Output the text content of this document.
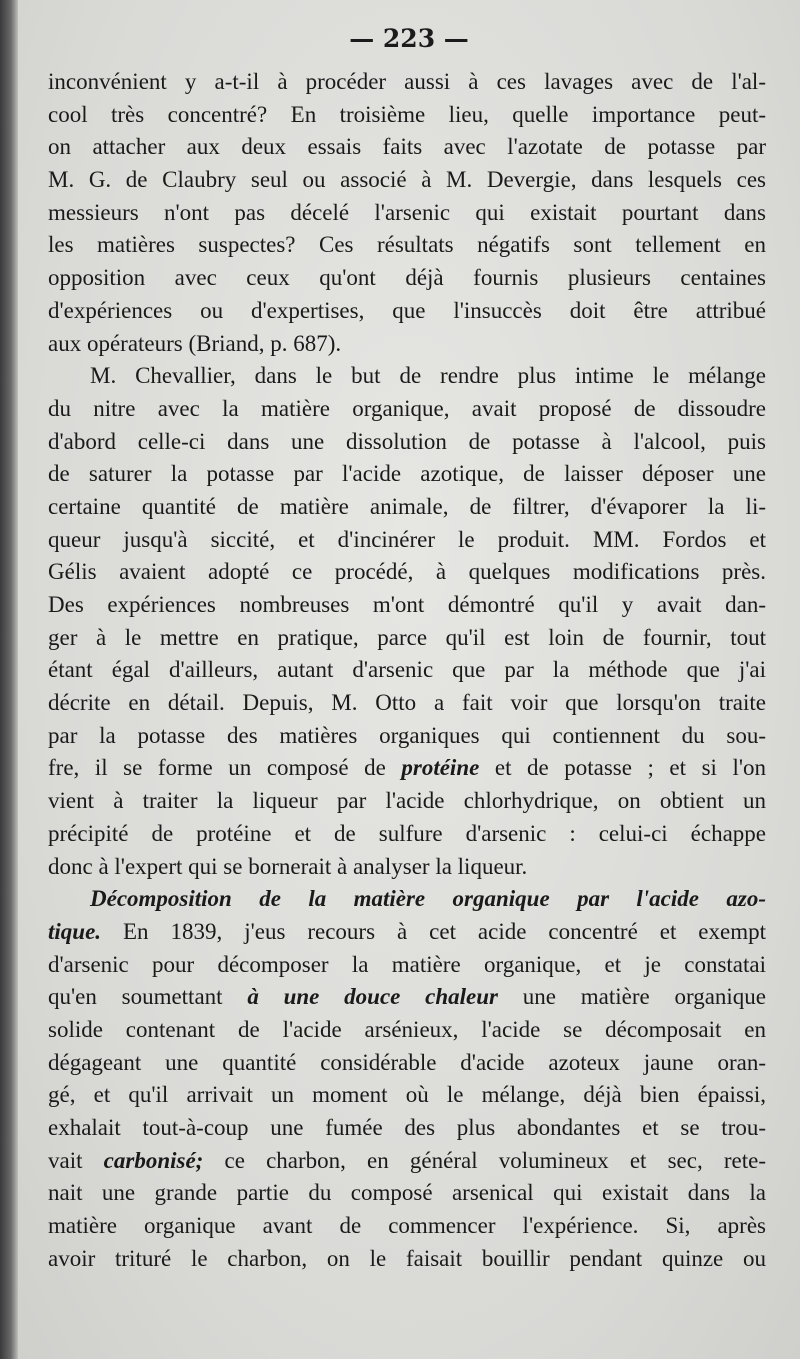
— 223 —
inconvénient y a-t-il à procéder aussi à ces lavages avec de l'al-
cool très concentré? En troisième lieu, quelle importance peut-
on attacher aux deux essais faits avec l'azotate de potasse par
M. G. de Claubry seul ou associé à M. Devergie, dans lesquels ces
messieurs n'ont pas décelé l'arsenic qui existait pourtant dans
les matières suspectes? Ces résultats négatifs sont tellement en
opposition avec ceux qu'ont déjà fournis plusieurs centaines
d'expériences ou d'expertises, que l'insuccès doit être attribué
aux opérateurs (Briand, p. 687).
M. Chevallier, dans le but de rendre plus intime le mélange
du nitre avec la matière organique, avait proposé de dissoudre
d'abord celle-ci dans une dissolution de potasse à l'alcool, puis
de saturer la potasse par l'acide azotique, de laisser déposer une
certaine quantité de matière animale, de filtrer, d'évaporer la li-
queur jusqu'à siccité, et d'incinérer le produit. MM. Fordos et
Gélis avaient adopté ce procédé, à quelques modifications près.
Des expériences nombreuses m'ont démontré qu'il y avait dan-
ger à le mettre en pratique, parce qu'il est loin de fournir, tout
étant égal d'ailleurs, autant d'arsenic que par la méthode que j'ai
décrite en détail. Depuis, M. Otto a fait voir que lorsqu'on traite
par la potasse des matières organiques qui contiennent du sou-
fre, il se forme un composé de protéine et de potasse ; et si l'on
vient à traiter la liqueur par l'acide chlorhydrique, on obtient un
précipité de protéine et de sulfure d'arsenic : celui-ci échappe
donc à l'expert qui se bornerait à analyser la liqueur.
Décomposition de la matière organique par l'acide azo-
tique. En 1839, j'eus recours à cet acide concentré et exempt
d'arsenic pour décomposer la matière organique, et je constatai
qu'en soumettant à une douce chaleur une matière organique
solide contenant de l'acide arsénieux, l'acide se décomposait en
dégageant une quantité considérable d'acide azoteux jaune oran-
gé, et qu'il arrivait un moment où le mélange, déjà bien épaissi,
exhalait tout-à-coup une fumée des plus abondantes et se trou-
vait carbonisé; ce charbon, en général volumineux et sec, rete-
nait une grande partie du composé arsenical qui existait dans la
matière organique avant de commencer l'expérience. Si, après
avoir trituré le charbon, on le faisait bouillir pendant quinze ou
